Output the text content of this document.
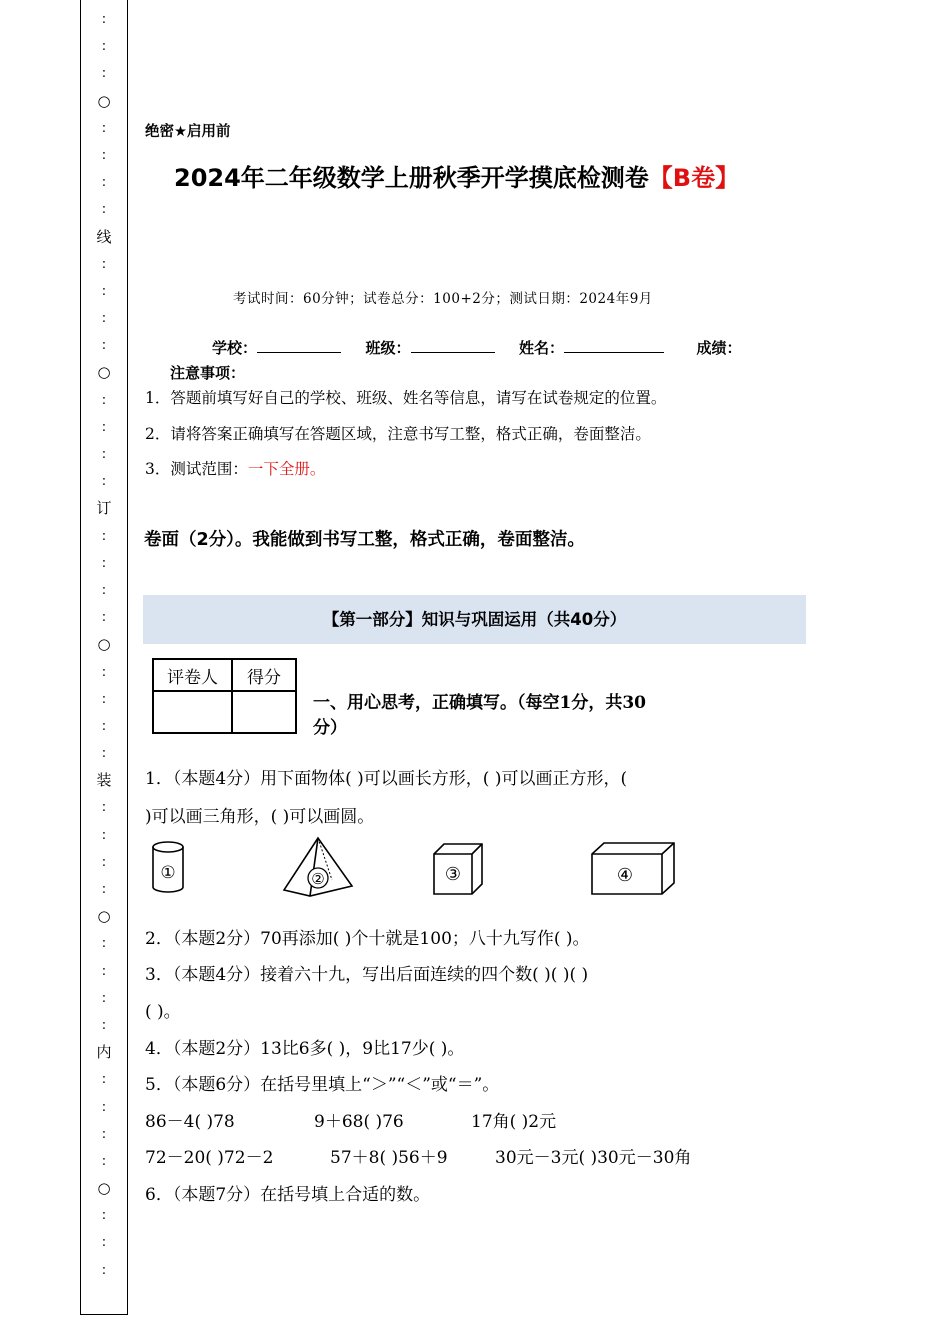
:
:
:
○
:
:
:
:
线
:
:
:
:
○
:
:
:
:
订
:
:
:
:
○
:
:
:
:
装
:
:
:
:
○
:
:
:
:
内
:
:
:
:
○
:
:
:
绝密★启用前
2024年二年级数学上册秋季开学摸底检测卷【B卷】
考试时间：60分钟；试卷总分：100+2分；测试日期：2024年9月
学校：	班级：	姓名：	成绩：
注意事项：
1．答题前填写好自己的学校、班级、姓名等信息，请写在试卷规定的位置。
2．请将答案正确填写在答题区域，注意书写工整，格式正确，卷面整洁。
3．测试范围：一下全册。
卷面（2分）。我能做到书写工整，格式正确，卷面整洁。
【第一部分】知识与巩固运用（共40分）
评卷人	得分

一、用心思考，正确填写。（每空1分，共30
分）
1．（本题4分）用下面物体( )可以画长方形，( )可以画正方形，(
)可以画三角形，( )可以画圆。
①	②	③	④
2．（本题2分）70再添加( )个十就是100；八十九写作( )。
3．（本题4分）接着六十九，写出后面连续的四个数( )( )( )
( )。
4．（本题2分）13比6多( )，9比17少( )。
5．（本题6分）在括号里填上“＞”“＜”或“＝”。
86－4( )78	9＋68( )76	17角( )2元
72－20( )72－2	57＋8( )56＋9	30元－3元( )30元－30角
6．（本题7分）在括号填上合适的数。
